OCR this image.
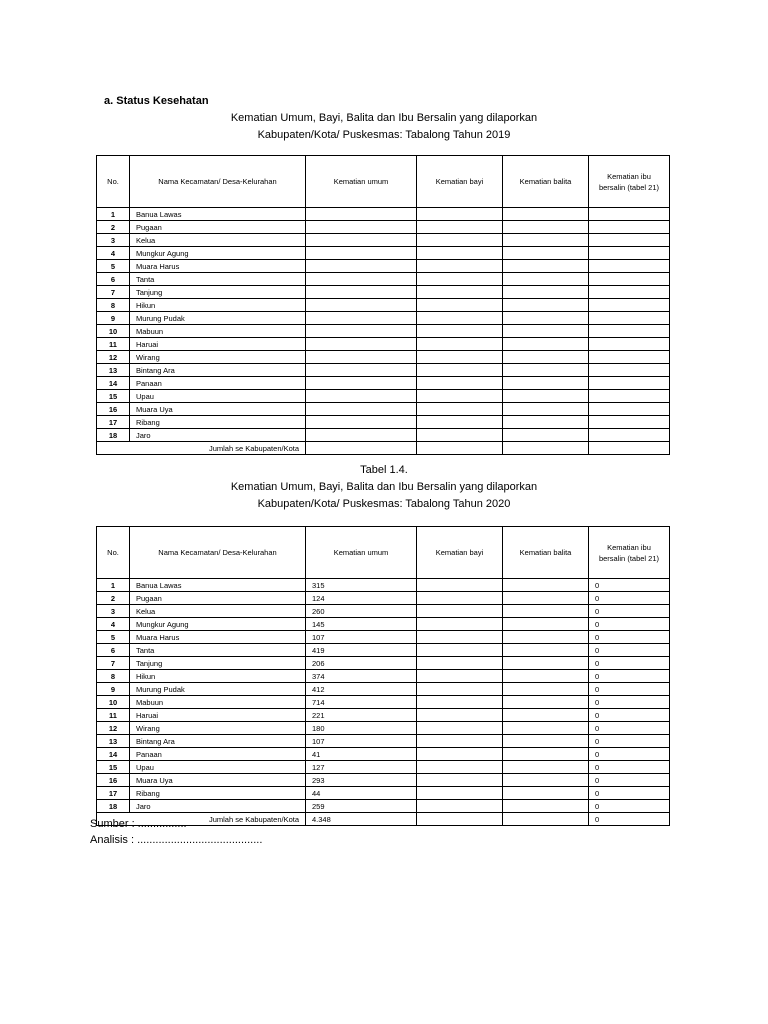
a. Status Kesehatan
Kematian Umum, Bayi, Balita dan Ibu Bersalin yang dilaporkan
Kabupaten/Kota/ Puskesmas: Tabalong Tahun 2019
No.	Nama Kecamatan/ Desa-Kelurahan	Kematian umum	Kematian bayi	Kematian balita	Kematian ibu bersalin (tabel 21)
1	Banua Lawas				
2	Pugaan				
3	Kelua				
4	Mungkur Agung				
5	Muara Harus				
6	Tanta				
7	Tanjung				
8	Hikun				
9	Murung Pudak				
10	Mabuun				
11	Haruai				
12	Wirang				
13	Bintang Ara				
14	Panaan				
15	Upau				
16	Muara Uya				
17	Ribang				
18	Jaro				
Jumlah se Kabupaten/Kota					
Tabel 1.4.
Kematian Umum, Bayi, Balita dan Ibu Bersalin yang dilaporkan
Kabupaten/Kota/ Puskesmas: Tabalong Tahun 2020
No.	Nama Kecamatan/ Desa-Kelurahan	Kematian umum	Kematian bayi	Kematian balita	Kematian ibu bersalin (tabel 21)
1	Banua Lawas	315			0
2	Pugaan	124			0
3	Kelua	260			0
4	Mungkur Agung	145			0
5	Muara Harus	107			0
6	Tanta	419			0
7	Tanjung	206			0
8	Hikun	374			0
9	Murung Pudak	412			0
10	Mabuun	714			0
11	Haruai	221			0
12	Wirang	180			0
13	Bintang Ara	107			0
14	Panaan	41			0
15	Upau	127			0
16	Muara Uya	293			0
17	Ribang	44			0
18	Jaro	259			0
Jumlah se Kabupaten/Kota		4.348			0
Sumber : ................
Analisis : .........................................
